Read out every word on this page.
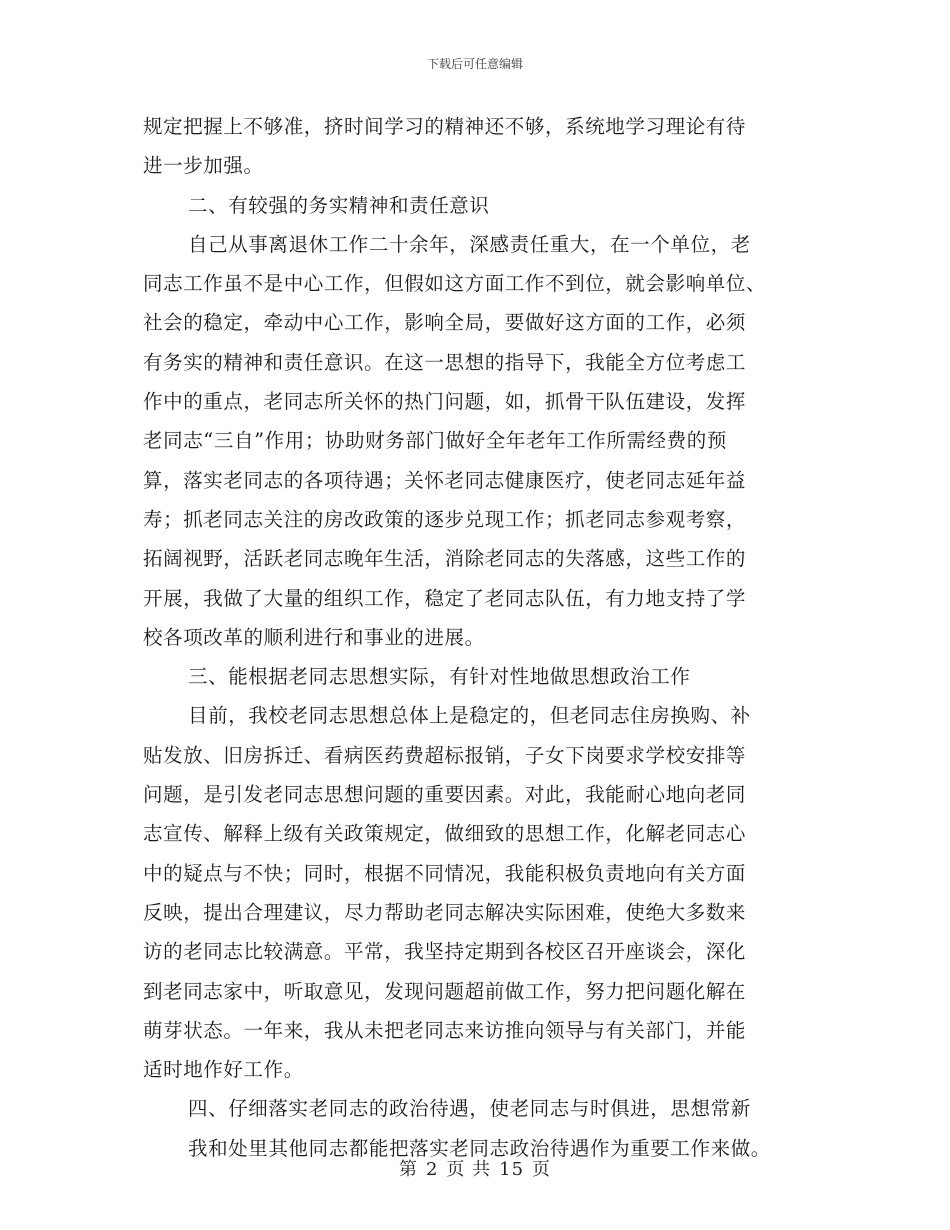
下载后可任意编辑
规定把握上不够准，挤时间学习的精神还不够，系统地学习理论有待
进一步加强。
二、有较强的务实精神和责任意识
自己从事离退休工作二十余年，深感责任重大，在一个单位，老
同志工作虽不是中心工作，但假如这方面工作不到位，就会影响单位、
社会的稳定，牵动中心工作，影响全局，要做好这方面的工作，必须
有务实的精神和责任意识。在这一思想的指导下，我能全方位考虑工
作中的重点，老同志所关怀的热门问题，如，抓骨干队伍建设，发挥
老同志“三自”作用；协助财务部门做好全年老年工作所需经费的预
算，落实老同志的各项待遇；关怀老同志健康医疗，使老同志延年益
寿；抓老同志关注的房改政策的逐步兑现工作；抓老同志参观考察，
拓阔视野，活跃老同志晚年生活，消除老同志的失落感，这些工作的
开展，我做了大量的组织工作，稳定了老同志队伍，有力地支持了学
校各项改革的顺利进行和事业的进展。
三、能根据老同志思想实际，有针对性地做思想政治工作
目前，我校老同志思想总体上是稳定的，但老同志住房换购、补
贴发放、旧房拆迁、看病医药费超标报销，子女下岗要求学校安排等
问题，是引发老同志思想问题的重要因素。对此，我能耐心地向老同
志宣传、解释上级有关政策规定，做细致的思想工作，化解老同志心
中的疑点与不快；同时，根据不同情况，我能积极负责地向有关方面
反映，提出合理建议，尽力帮助老同志解决实际困难，使绝大多数来
访的老同志比较满意。平常，我坚持定期到各校区召开座谈会，深化
到老同志家中，听取意见，发现问题超前做工作，努力把问题化解在
萌芽状态。一年来，我从未把老同志来访推向领导与有关部门，并能
适时地作好工作。
四、仔细落实老同志的政治待遇，使老同志与时俱进，思想常新
我和处里其他同志都能把落实老同志政治待遇作为重要工作来做。
第 2 页 共 15 页
